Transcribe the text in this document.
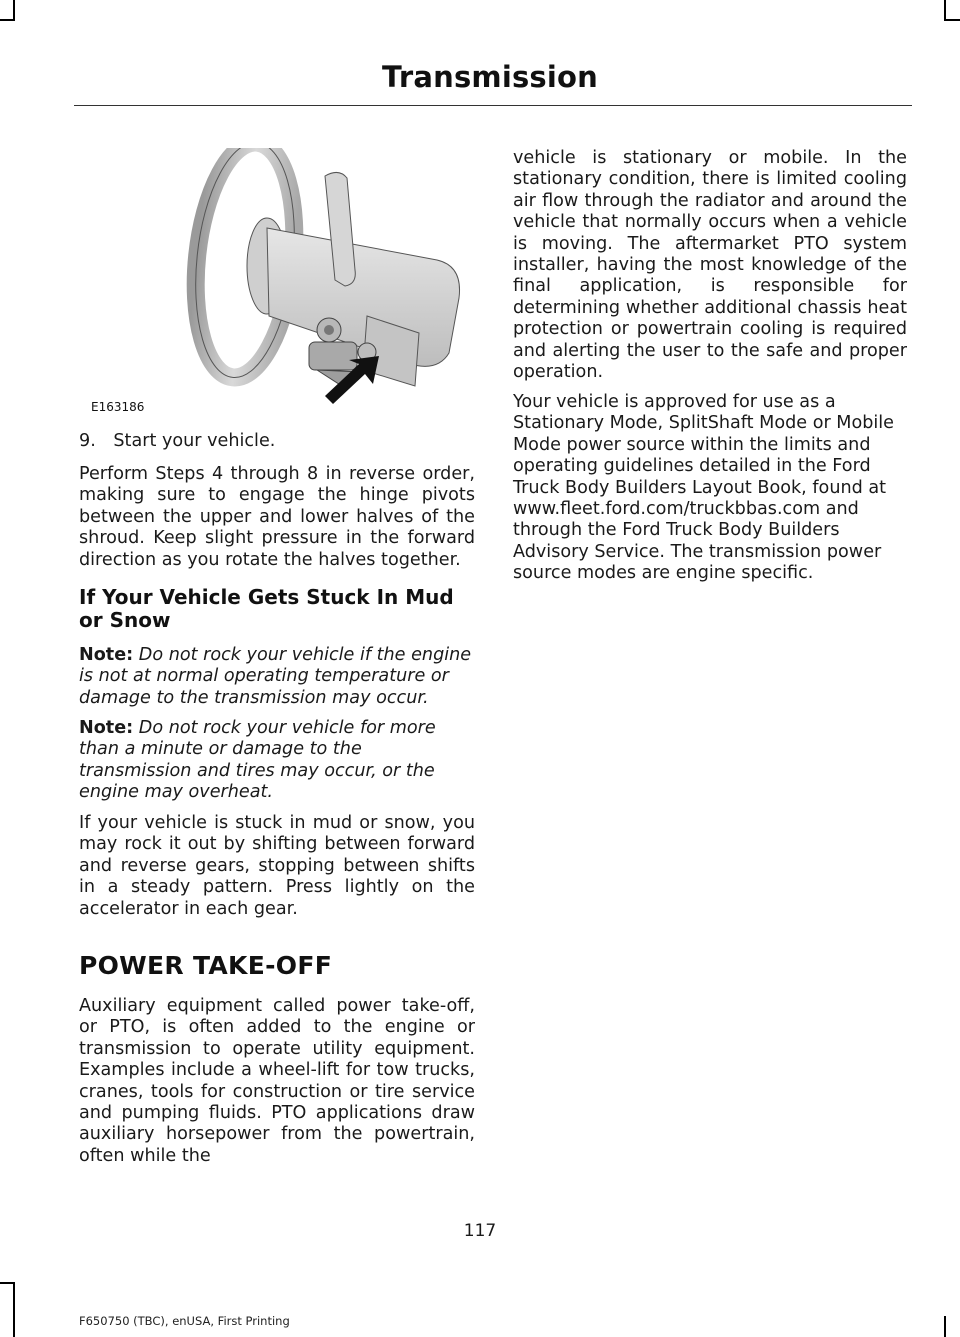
Transmission
E163186

9. Start your vehicle.

Perform Steps 4 through 8 in reverse order, making sure to engage the hinge pivots between the upper and lower halves of the shroud. Keep slight pressure in the forward direction as you rotate the halves together.

If Your Vehicle Gets Stuck In Mud or Snow

Note: Do not rock your vehicle if the engine is not at normal operating temperature or damage to the transmission may occur.

Note: Do not rock your vehicle for more than a minute or damage to the transmission and tires may occur, or the engine may overheat.

If your vehicle is stuck in mud or snow, you may rock it out by shifting between forward and reverse gears, stopping between shifts in a steady pattern. Press lightly on the accelerator in each gear.

POWER TAKE-OFF

Auxiliary equipment called power take-off, or PTO, is often added to the engine or transmission to operate utility equipment. Examples include a wheel-lift for tow trucks, cranes, tools for construction or tire service and pumping fluids. PTO applications draw auxiliary horsepower from the powertrain, often while the

vehicle is stationary or mobile. In the stationary condition, there is limited cooling air flow through the radiator and around the vehicle that normally occurs when a vehicle is moving. The aftermarket PTO system installer, having the most knowledge of the final application, is responsible for determining whether additional chassis heat protection or powertrain cooling is required and alerting the user to the safe and proper operation.

Your vehicle is approved for use as a Stationary Mode, SplitShaft Mode or Mobile Mode power source within the limits and operating guidelines detailed in the Ford Truck Body Builders Layout Book, found at www.fleet.ford.com/truckbbas.com and through the Ford Truck Body Builders Advisory Service. The transmission power source modes are engine specific.

117
F650750 (TBC), enUSA, First Printing
